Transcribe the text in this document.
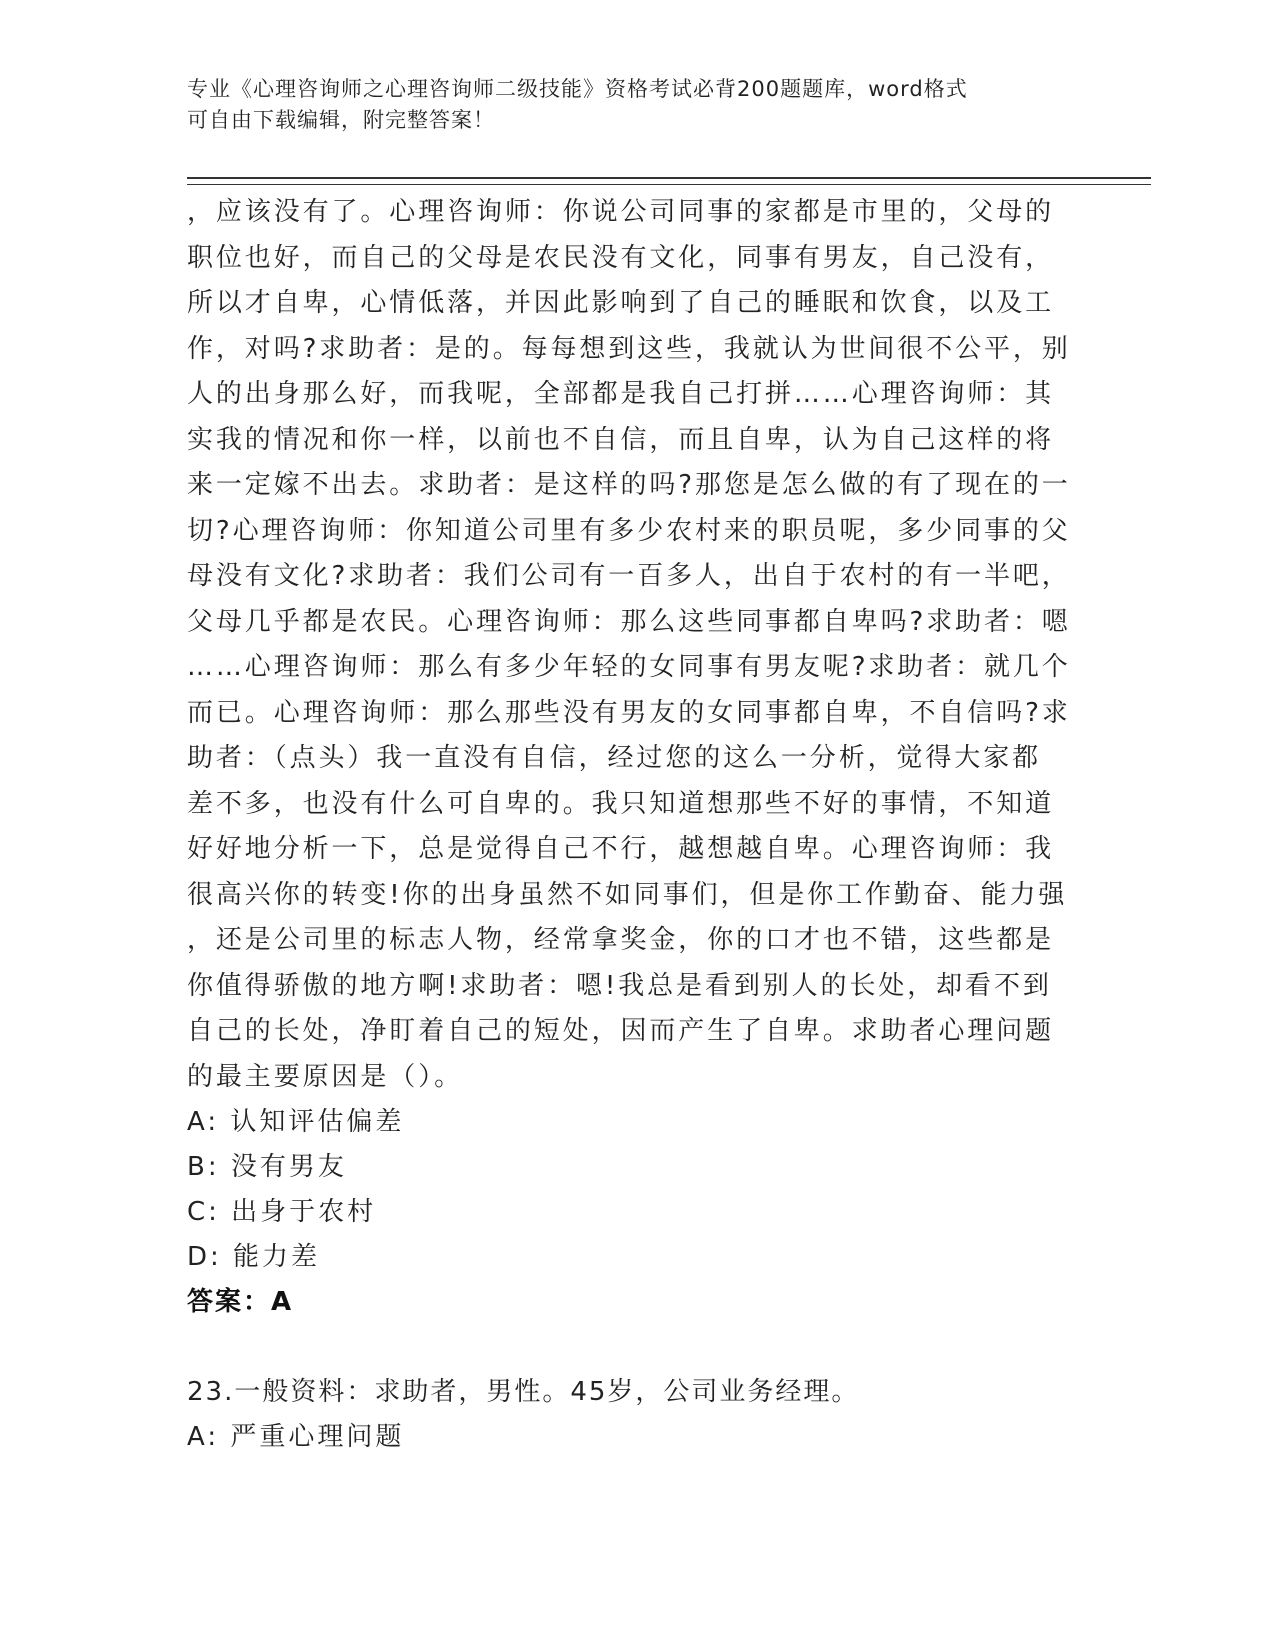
专业《心理咨询师之心理咨询师二级技能》资格考试必背200题题库，word格式
可自由下载编辑，附完整答案！
，应该没有了。心理咨询师：你说公司同事的家都是市里的，父母的
职位也好，而自己的父母是农民没有文化，同事有男友，自己没有，
所以才自卑，心情低落，并因此影响到了自己的睡眠和饮食，以及工
作，对吗?求助者：是的。每每想到这些，我就认为世间很不公平，别
人的出身那么好，而我呢，全部都是我自己打拼……心理咨询师：其
实我的情况和你一样，以前也不自信，而且自卑，认为自己这样的将
来一定嫁不出去。求助者：是这样的吗?那您是怎么做的有了现在的一
切?心理咨询师：你知道公司里有多少农村来的职员呢，多少同事的父
母没有文化?求助者：我们公司有一百多人，出自于农村的有一半吧，
父母几乎都是农民。心理咨询师：那么这些同事都自卑吗?求助者：嗯
……心理咨询师：那么有多少年轻的女同事有男友呢?求助者：就几个
而已。心理咨询师：那么那些没有男友的女同事都自卑，不自信吗?求
助者：（点头）我一直没有自信，经过您的这么一分析，觉得大家都
差不多，也没有什么可自卑的。我只知道想那些不好的事情，不知道
好好地分析一下，总是觉得自己不行，越想越自卑。心理咨询师：我
很高兴你的转变!你的出身虽然不如同事们，但是你工作勤奋、能力强
，还是公司里的标志人物，经常拿奖金，你的口才也不错，这些都是
你值得骄傲的地方啊!求助者：嗯!我总是看到别人的长处，却看不到
自己的长处，净盯着自己的短处，因而产生了自卑。求助者心理问题
的最主要原因是（）。
A: 认知评估偏差
B: 没有男友
C: 出身于农村
D: 能力差
答案：A
23.一般资料：求助者，男性。45岁，公司业务经理。
A: 严重心理问题
